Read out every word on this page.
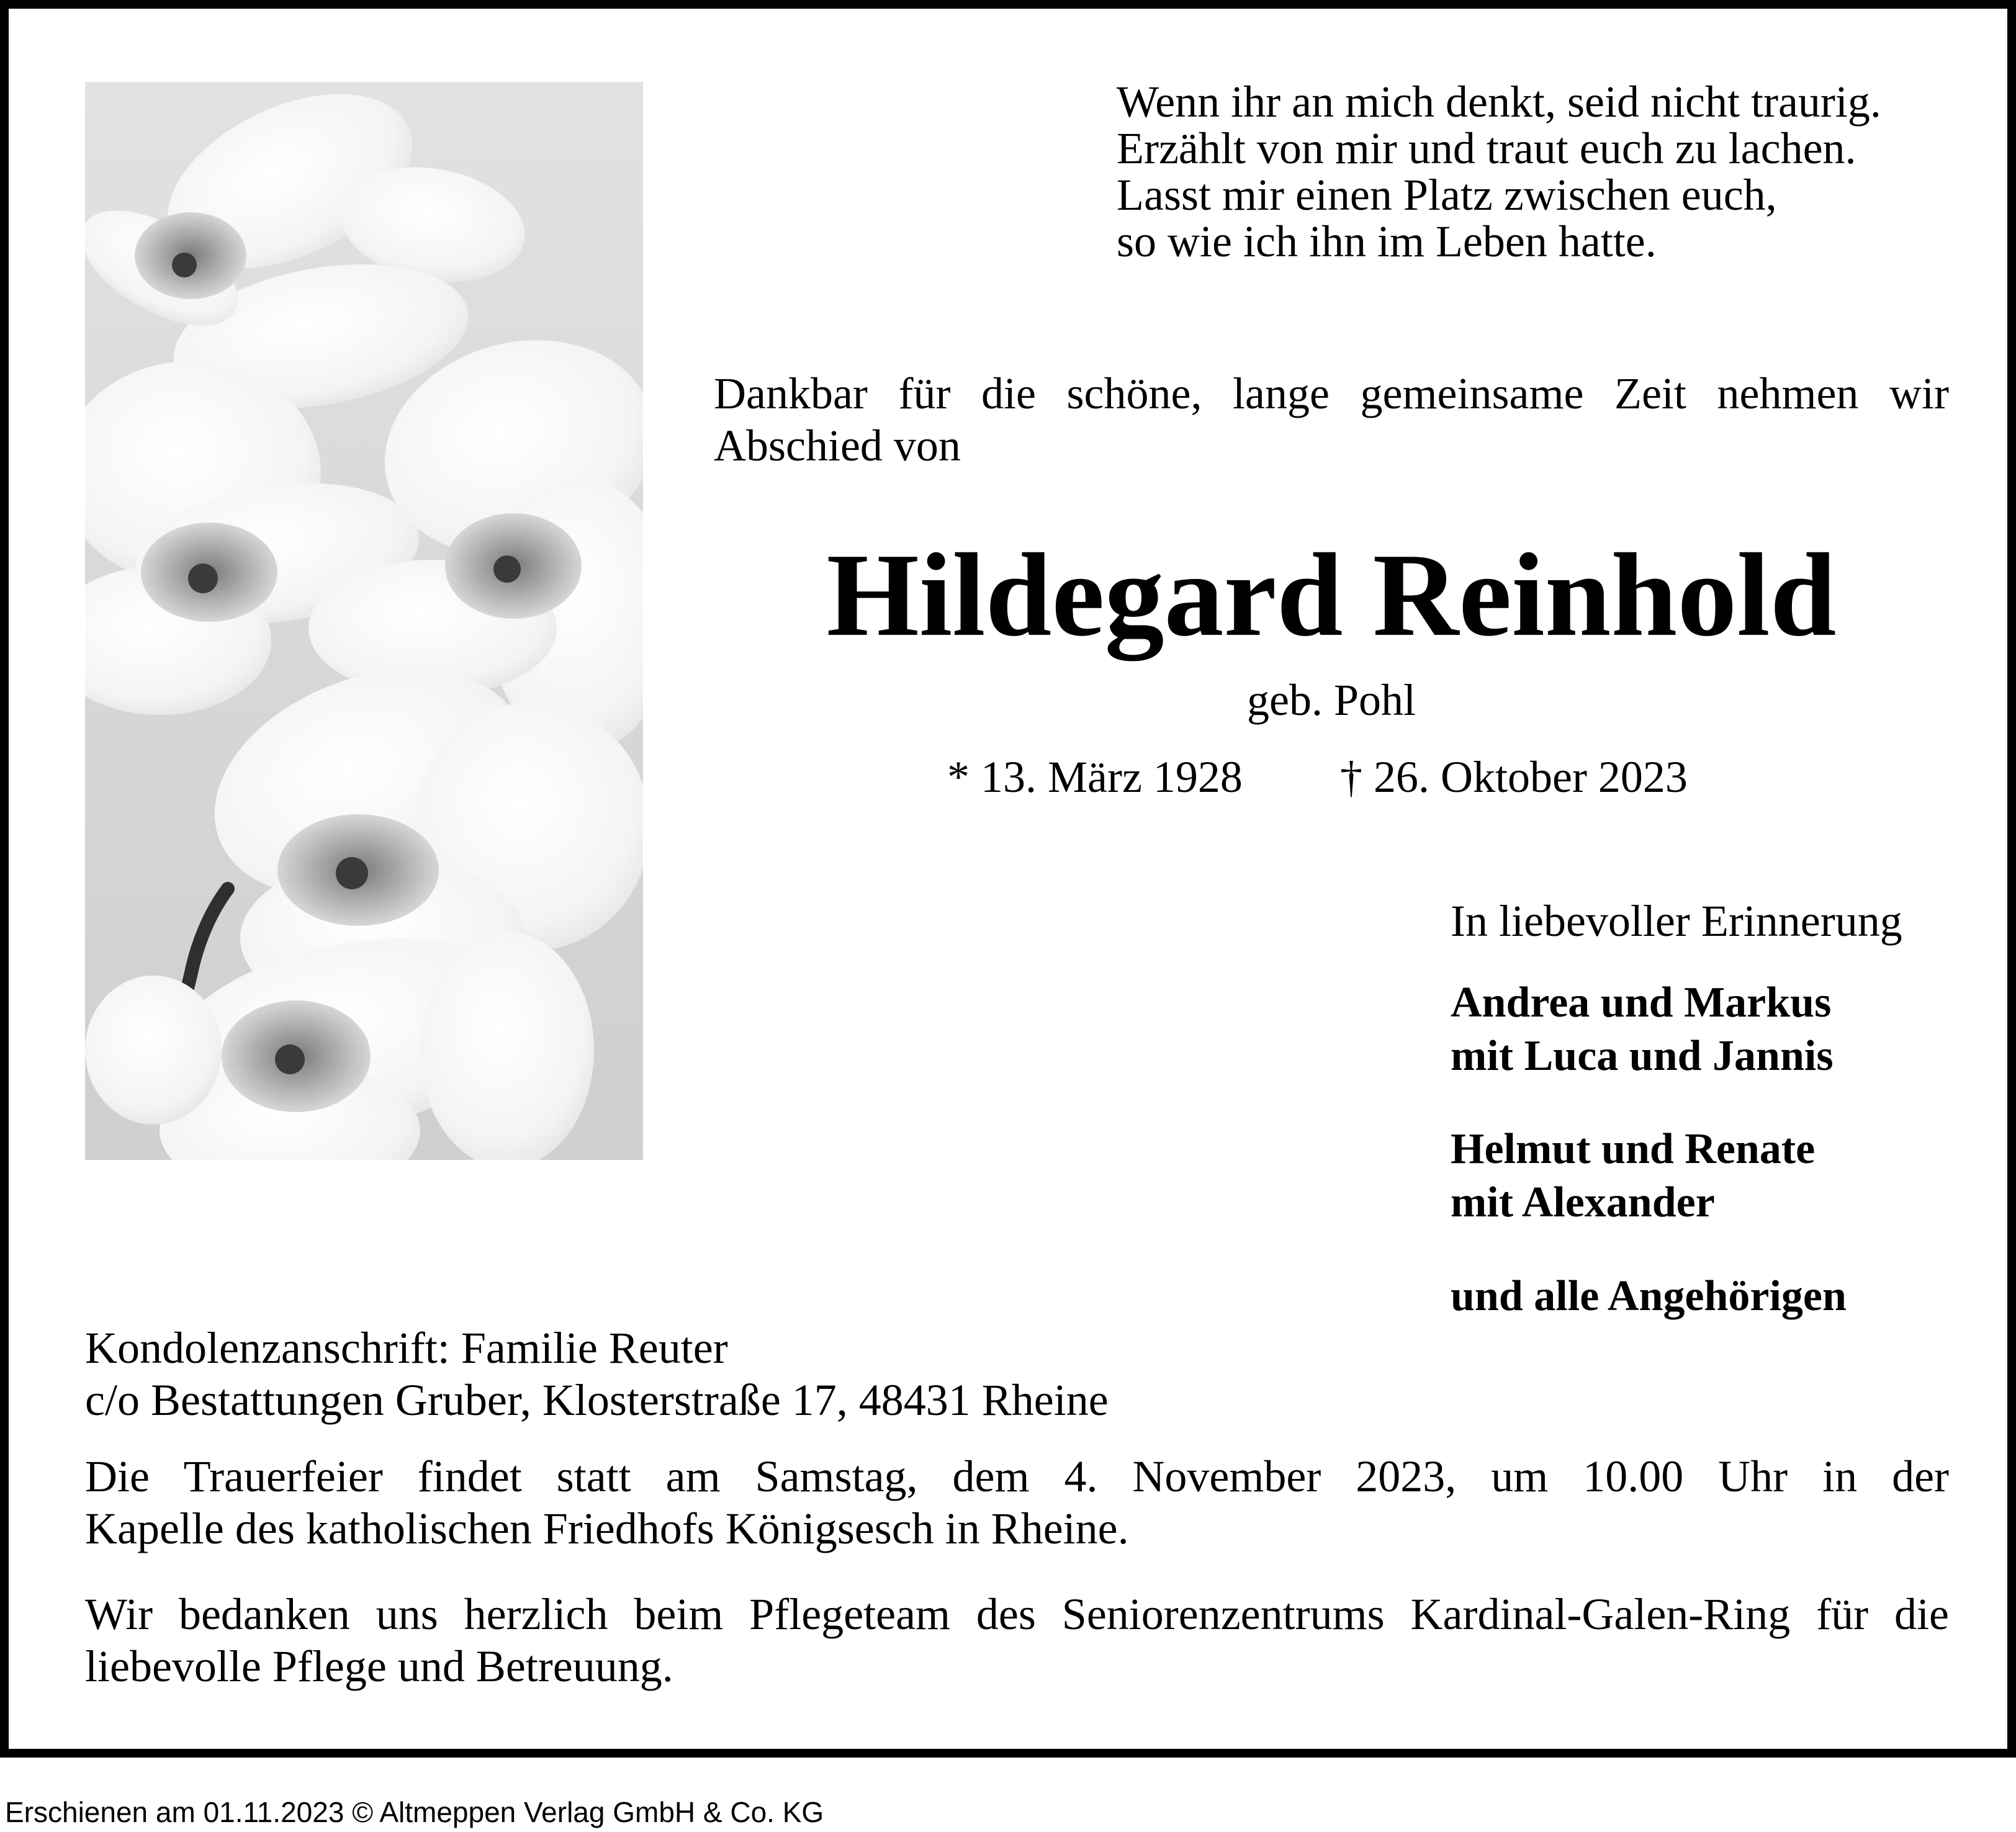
Wenn ihr an mich denkt, seid nicht traurig.
Erzählt von mir und traut euch zu lachen.
Lasst mir einen Platz zwischen euch,
so wie ich ihn im Leben hatte.
Dankbar für die schöne, lange gemeinsame Zeit nehmen wir
Abschied von
Hildegard Reinhold
geb. Pohl
* 13. März 1928 † 26. Oktober 2023
In liebevoller Erinnerung
Andrea und Markus
mit Luca und Jannis
Helmut und Renate
mit Alexander
und alle Angehörigen
Kondolenzanschrift: Familie Reuter
c/o Bestattungen Gruber, Klosterstraße 17, 48431 Rheine
Die Trauerfeier findet statt am Samstag, dem 4. November 2023, um 10.00 Uhr in der
Kapelle des katholischen Friedhofs Königsesch in Rheine.
Wir bedanken uns herzlich beim Pflegeteam des Seniorenzentrums Kardinal-Galen-Ring für die
liebevolle Pflege und Betreuung.
Erschienen am 01.11.2023 © Altmeppen Verlag GmbH & Co. KG
